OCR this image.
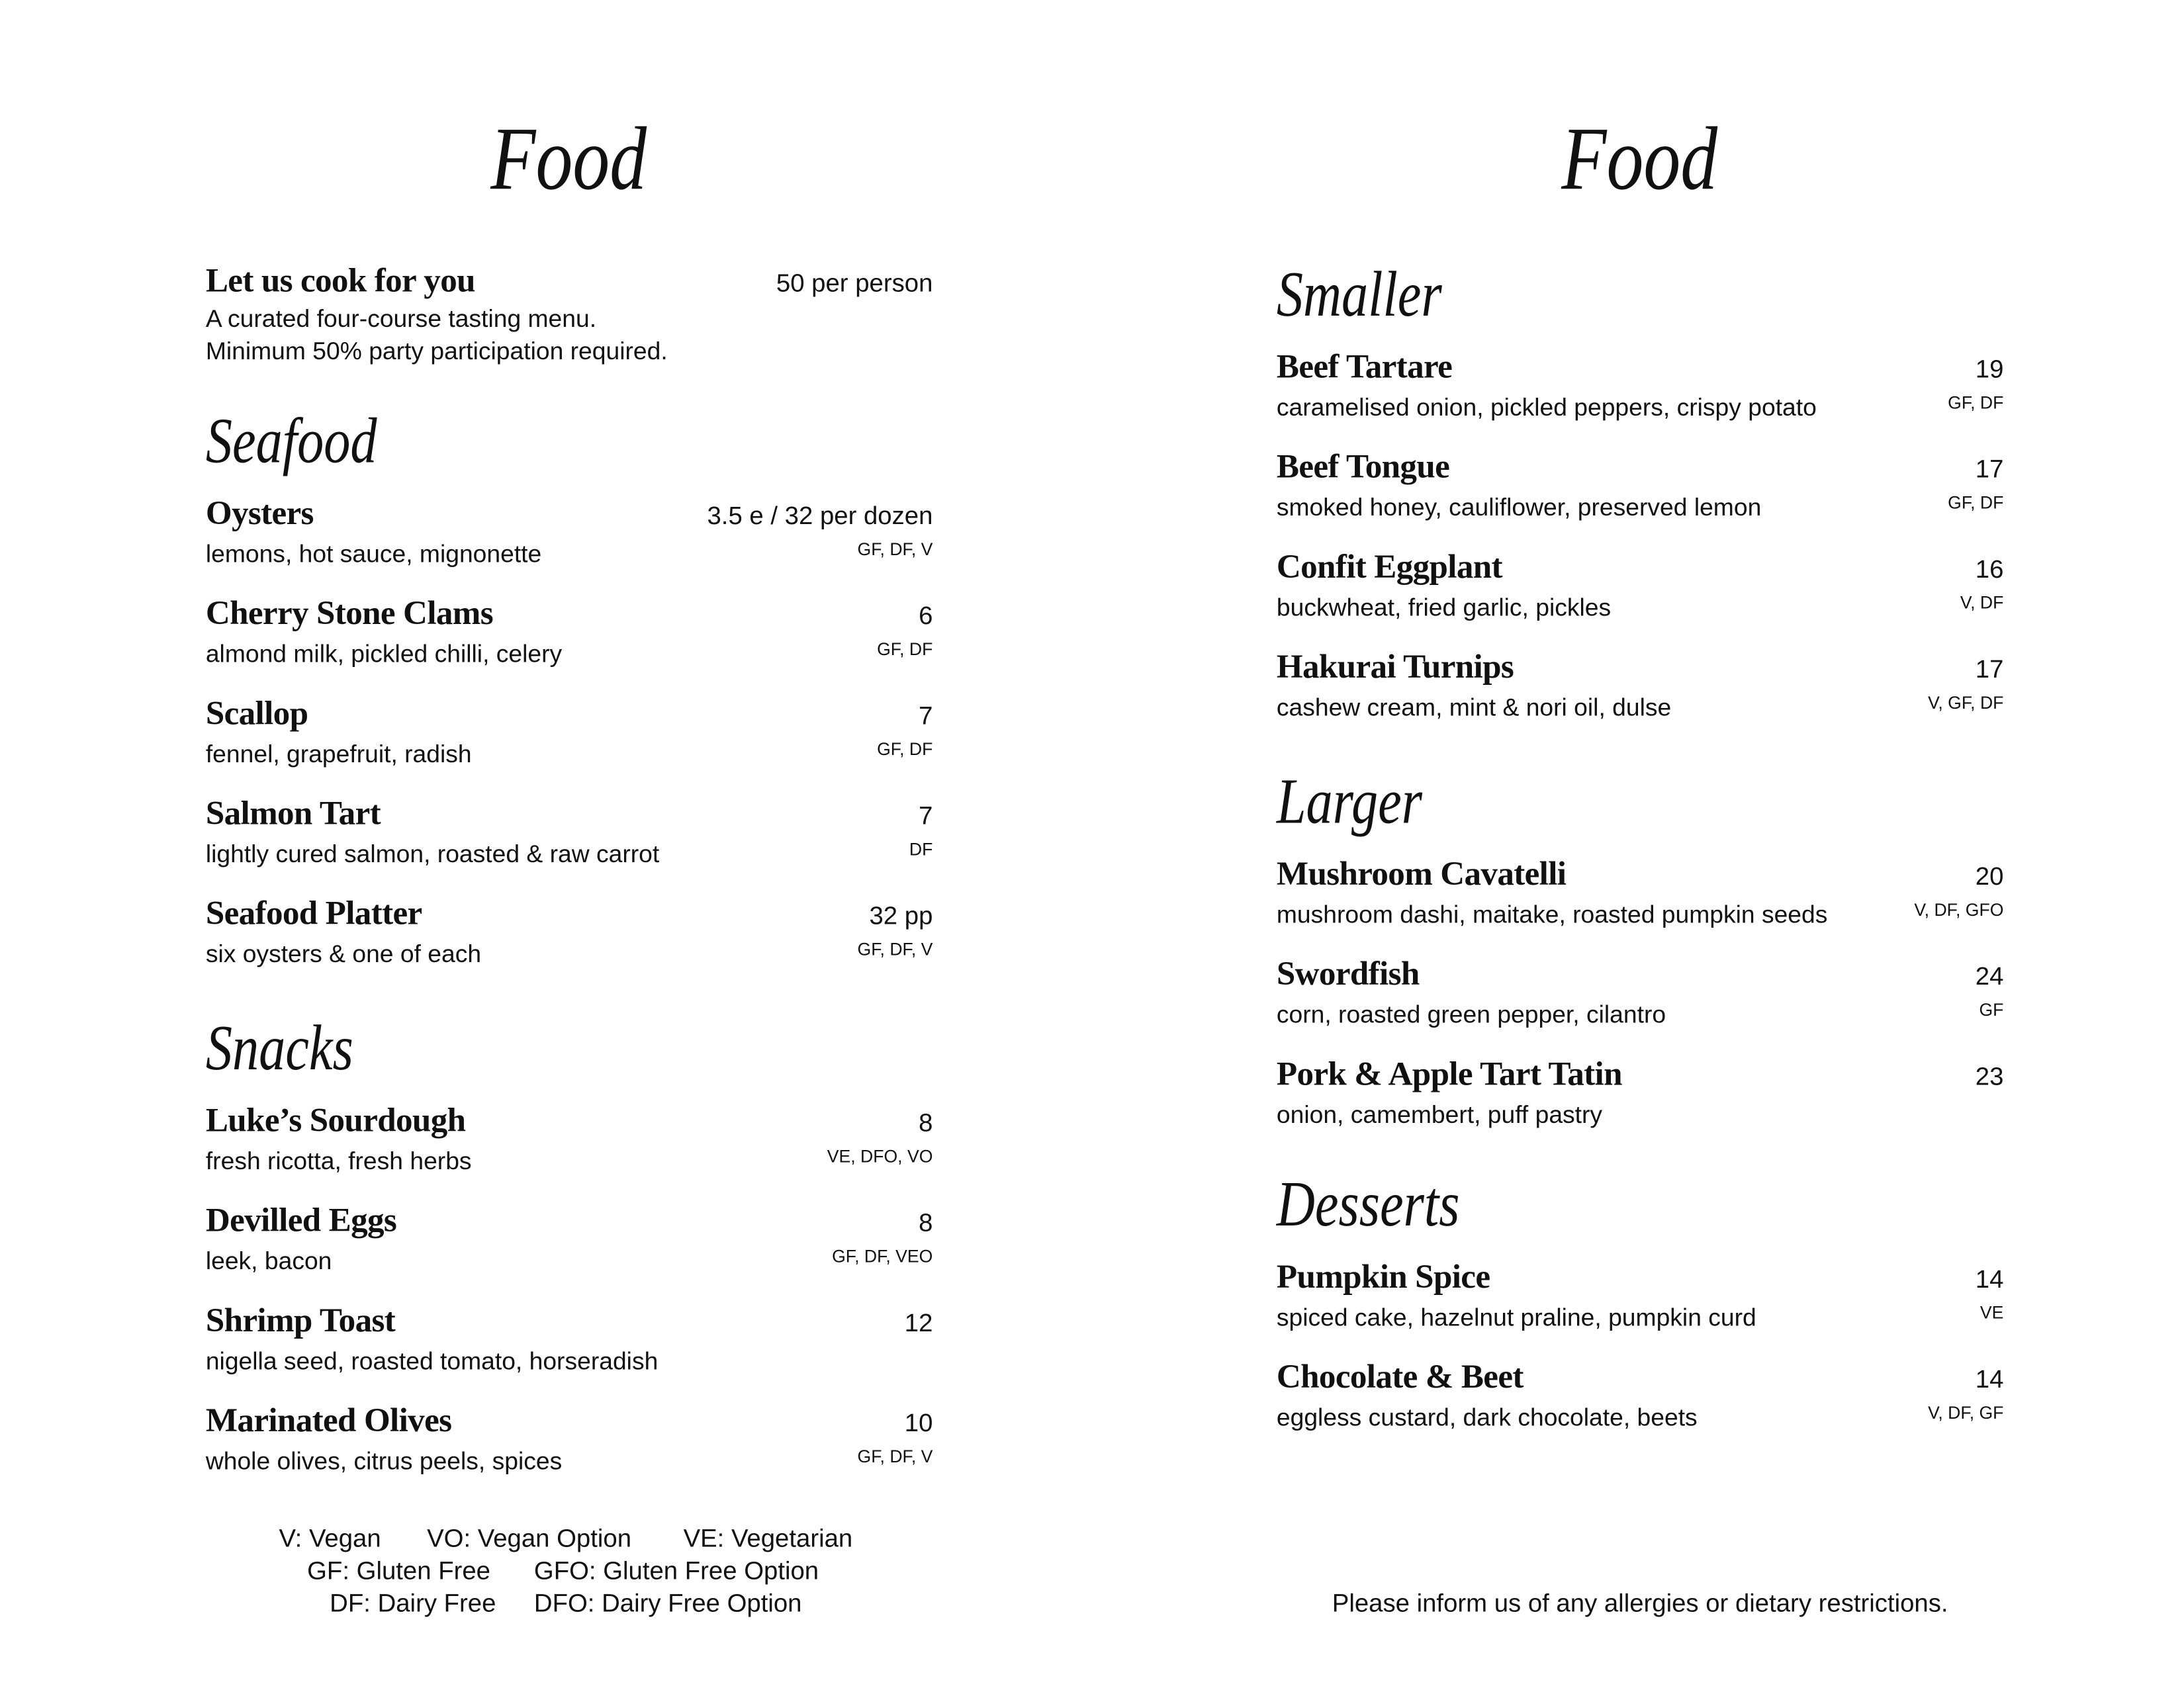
Food
Let us cook for you	50 per person
A curated four-course tasting menu.
Minimum 50% party participation required.
Seafood
Oysters	3.5 e / 32 per dozen
lemons, hot sauce, mignonette	GF, DF, V
Cherry Stone Clams	6
almond milk, pickled chilli, celery	GF, DF
Scallop	7
fennel, grapefruit, radish	GF, DF
Salmon Tart	7
lightly cured salmon, roasted & raw carrot	DF
Seafood Platter	32 pp
six oysters & one of each	GF, DF, V
Snacks
Luke’s Sourdough	8
fresh ricotta, fresh herbs	VE, DFO, VO
Devilled Eggs	8
leek, bacon	GF, DF, VEO
Shrimp Toast	12
nigella seed, roasted tomato, horseradish
Marinated Olives	10
whole olives, citrus peels, spices	GF, DF, V
V: Vegan	VO: Vegan Option	VE: Vegetarian
GF: Gluten Free	GFO: Gluten Free Option
DF: Dairy Free	DFO: Dairy Free Option
Food
Smaller
Beef Tartare	19
caramelised onion, pickled peppers, crispy potato	GF, DF
Beef Tongue	17
smoked honey, cauliflower, preserved lemon	GF, DF
Confit Eggplant	16
buckwheat, fried garlic, pickles	V, DF
Hakurai Turnips	17
cashew cream, mint & nori oil, dulse	V, GF, DF
Larger
Mushroom Cavatelli	20
mushroom dashi, maitake, roasted pumpkin seeds	V, DF, GFO
Swordfish	24
corn, roasted green pepper, cilantro	GF
Pork & Apple Tart Tatin	23
onion, camembert, puff pastry
Desserts
Pumpkin Spice	14
spiced cake, hazelnut praline, pumpkin curd	VE
Chocolate & Beet	14
eggless custard, dark chocolate, beets	V, DF, GF
Please inform us of any allergies or dietary restrictions.
